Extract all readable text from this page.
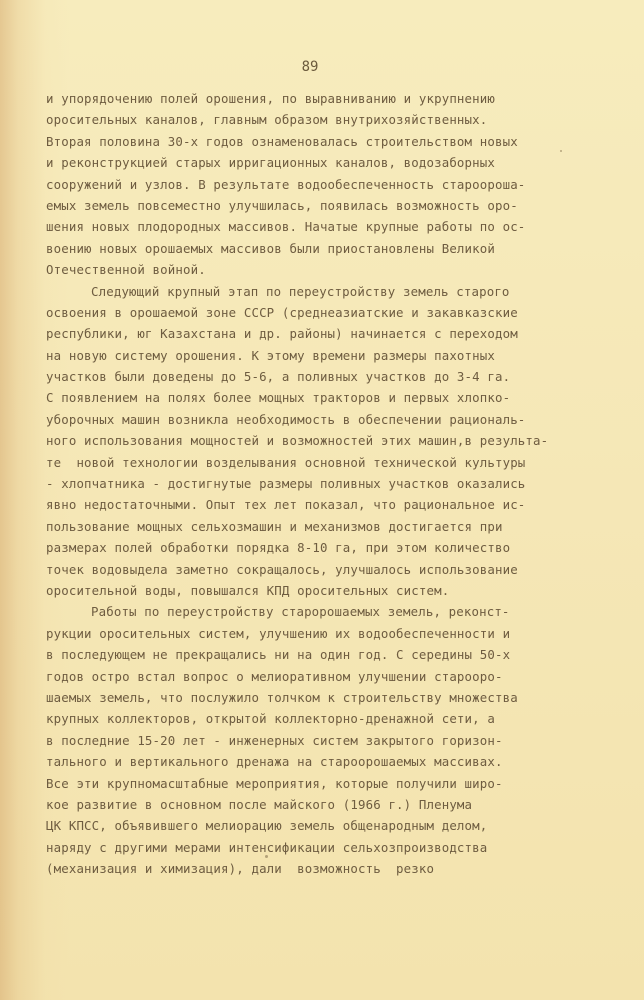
89
и упорядочению полей орошения, по выравниванию и укрупнению
оросительных каналов, главным образом внутрихозяйственных.
Вторая половина 30-х годов ознаменовалась строительством новых
и реконструкцией старых ирригационных каналов, водозаборных
сооружений и узлов. В результате водообеспеченность староороша-
емых земель повсеместно улучшилась, появилась возможность оро-
шения новых плодородных массивов. Начатые крупные работы по ос-
воению новых орошаемых массивов были приостановлены Великой
Отечественной войной.
Следующий крупный этап по переустройству земель старого
освоения в орошаемой зоне СССР (среднеазиатские и закавказские
республики, юг Казахстана и др. районы) начинается с переходом
на новую систему орошения. К этому времени размеры пахотных
участков были доведены до 5-6, а поливных участков до 3-4 га.
С появлением на полях более мощных тракторов и первых хлопко-
уборочных машин возникла необходимость в обеспечении рациональ-
ного использования мощностей и возможностей этих машин,в результа-
те  новой технологии возделывания основной технической культуры
- хлопчатника - достигнутые размеры поливных участков оказались
явно недостаточными. Опыт тех лет показал, что рациональное ис-
пользование мощных сельхозмашин и механизмов достигается при
размерах полей обработки порядка 8-10 га, при этом количество
точек водовыдела заметно сокращалось, улучшалось использование
оросительной воды, повышался КПД оросительных систем.
Работы по переустройству старорошаемых земель, реконст-
рукции оросительных систем, улучшению их водообеспеченности и
в последующем не прекращались ни на один год. С середины 50-х
годов остро встал вопрос о мелиоративном улучшении староорo-
шаемых земель, что послужило толчком к строительству множества
крупных коллекторов, открытой коллекторно-дренажной сети, а
в последние 15-20 лет - инженерных систем закрытого горизон-
тального и вертикального дренажа на староорошаемых массивах.
Все эти крупномасштабные мероприятия, которые получили широ-
кое развитие в основном после майского (1966 г.) Пленума
ЦК КПСС, объявившего мелиорацию земель общенародным делом,
наряду с другими мерами интенсификации сельхозпроизводства
(механизация и химизация), дали  возможность  резко
